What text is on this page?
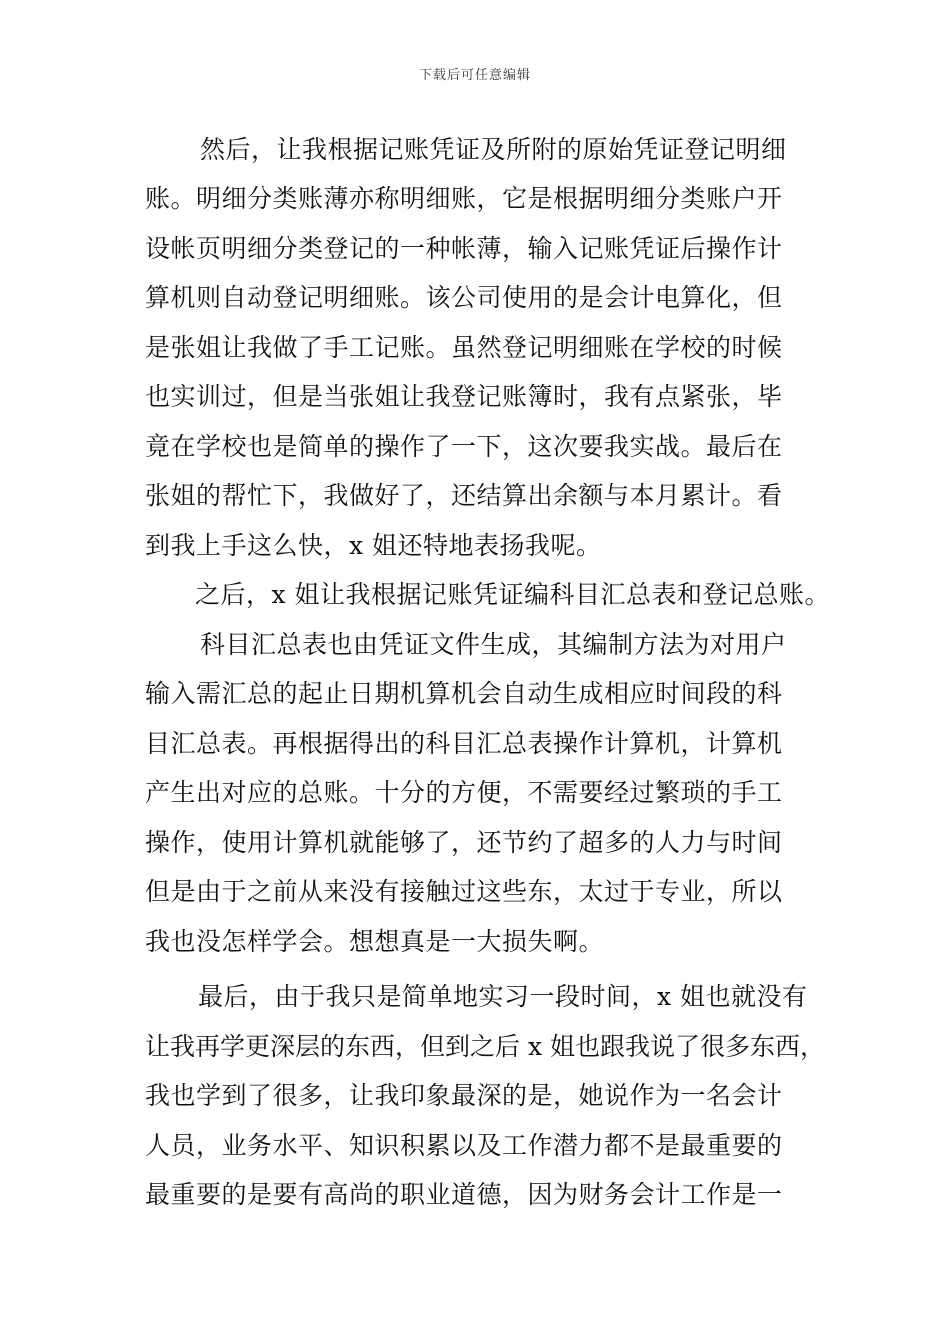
下载后可任意编辑
然后，让我根据记账凭证及所附的原始凭证登记明细
账。明细分类账薄亦称明细账，它是根据明细分类账户开
设帐页明细分类登记的一种帐薄，输入记账凭证后操作计
算机则自动登记明细账。该公司使用的是会计电算化，但
是张姐让我做了手工记账。虽然登记明细账在学校的时候
也实训过，但是当张姐让我登记账簿时，我有点紧张，毕
竟在学校也是简单的操作了一下，这次要我实战。最后在
张姐的帮忙下，我做好了，还结算出余额与本月累计。看
到我上手这么快，x 姐还特地表扬我呢。
之后，x 姐让我根据记账凭证编科目汇总表和登记总账。
科目汇总表也由凭证文件生成，其编制方法为对用户
输入需汇总的起止日期机算机会自动生成相应时间段的科
目汇总表。再根据得出的科目汇总表操作计算机，计算机
产生出对应的总账。十分的方便，不需要经过繁琐的手工
操作，使用计算机就能够了，还节约了超多的人力与时间
但是由于之前从来没有接触过这些东，太过于专业，所以
我也没怎样学会。想想真是一大损失啊。
最后，由于我只是简单地实习一段时间，x 姐也就没有
让我再学更深层的东西，但到之后 x 姐也跟我说了很多东西，
我也学到了很多，让我印象最深的是，她说作为一名会计
人员，业务水平、知识积累以及工作潜力都不是最重要的
最重要的是要有高尚的职业道德，因为财务会计工作是一
